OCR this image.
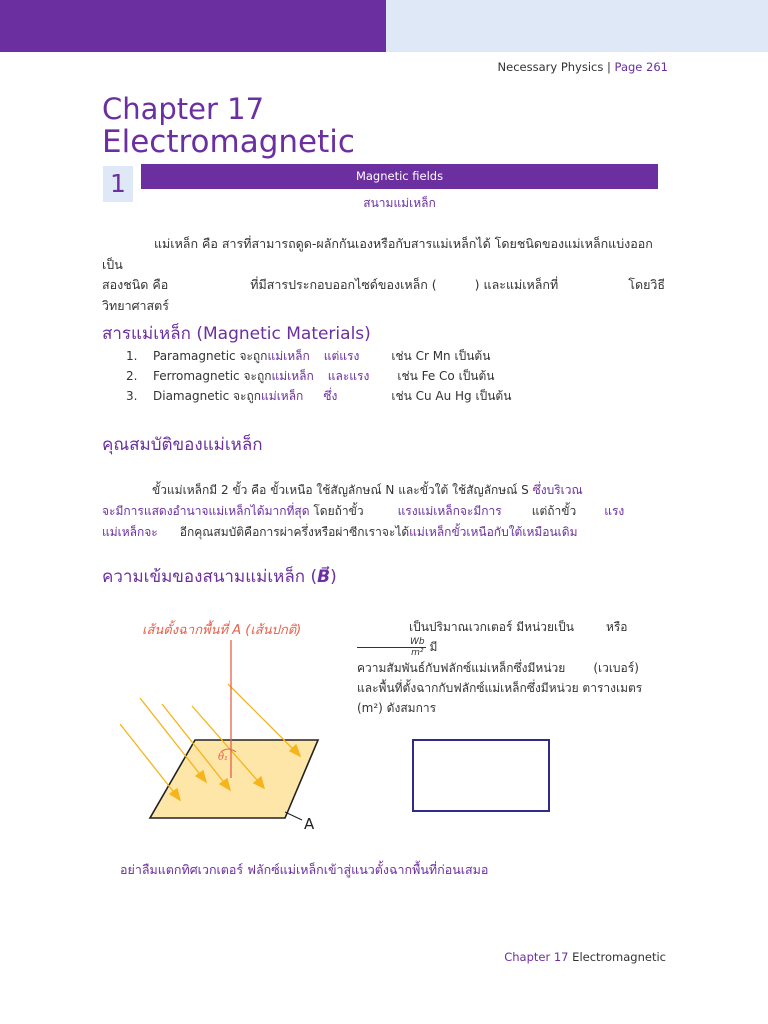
Necessary Physics | Page 261
Chapter 17
Electromagnetic
1	Magnetic fields
สนามแม่เหล็ก
แม่เหล็ก คือ สารที่สามารถดูด-ผลักกันเองหรือกับสารแม่เหล็กได้ โดยชนิดของแม่เหล็กแบ่งออกเป็น
สองชนิด คือ	ที่มีสารประกอบออกไซด์ของเหล็ก (	) และแม่เหล็กที่	โดยวิธี
วิทยาศาสตร์
สารแม่เหล็ก (Magnetic Materials)
1.	Paramagnetic จะถูก แม่เหล็ก แต่แรง	เช่น Cr Mn เป็นต้น
2.	Ferromagnetic จะถูก แม่เหล็ก และแรง เช่น Fe Co เป็นต้น
3.	Diamagnetic จะถูก แม่เหล็ก ซึ่ง	เช่น Cu Au Hg เป็นต้น
คุณสมบัติของแม่เหล็ก
ขั้วแม่เหล็กมี 2 ขั้ว คือ ขั้วเหนือ ใช้สัญลักษณ์ N และขั้วใต้ ใช้สัญลักษณ์ S ซึ่งบริเวณ
จะมีการแสดงอำนาจแม่เหล็กได้มากที่สุด โดยถ้าขั้ว	แรงแม่เหล็กจะมีการ	แต่ถ้าขั้ว แรง
แม่เหล็กจะ อีกคุณสมบัติคือการผ่าครึ่งหรือผ่าซีกเราจะได้แม่เหล็กขั้วเหนือกับใต้เหมือนเดิม
ความเข้มของสนามแม่เหล็ก (B⃗)
เส้นตั้งฉากพื้นที่ A (เส้นปกติ)
θ₁
A
เป็นปริมาณเวกเตอร์ มีหน่วยเป็น	หรือ
$\frac{Wb}{\text{m²}}$ มี
ความสัมพันธ์กับฟลักซ์แม่เหล็กซึ่งมีหน่วย (เวเบอร์)
และพื้นที่ตั้งฉากกับฟลักซ์แม่เหล็กซึ่งมีหน่วย ตารางเมตร
(m²) ดังสมการ
อย่าลืมแตกทิศเวกเตอร์ ฟลักซ์แม่เหล็กเข้าสู่แนวตั้งฉากพื้นที่ก่อนเสมอ
Chapter 17 Electromagnetic
